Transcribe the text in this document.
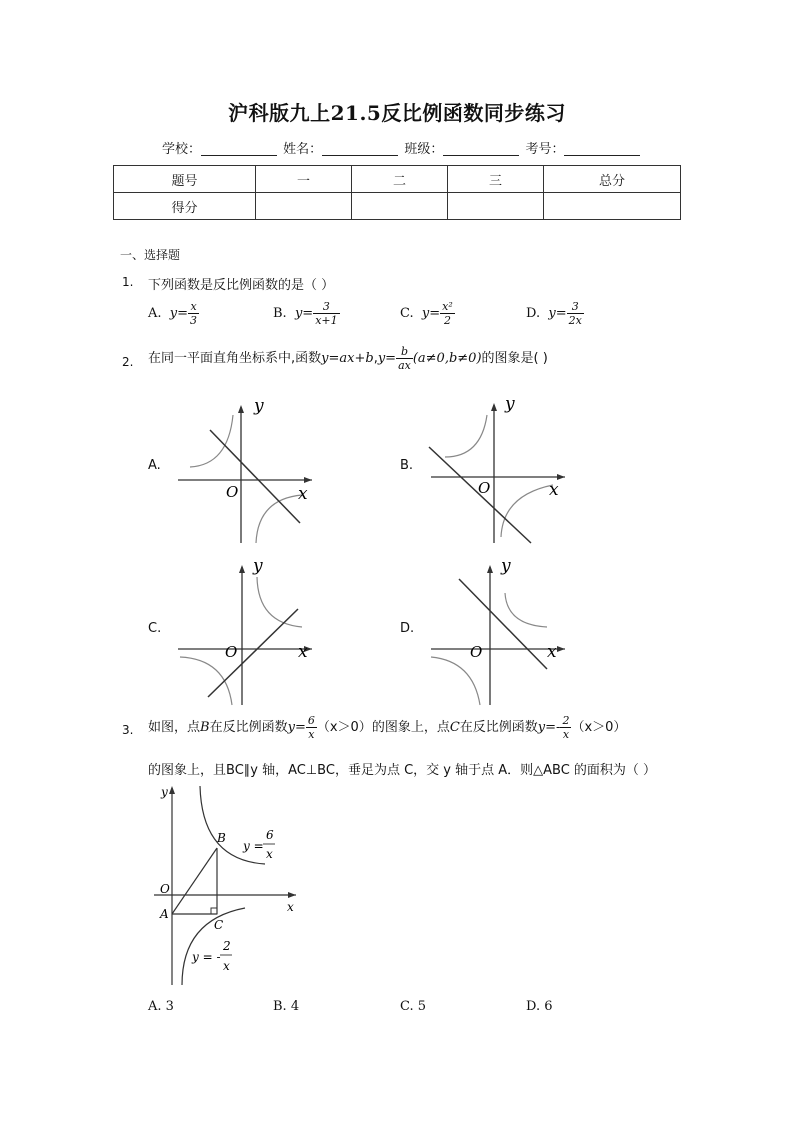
沪科版九上21.5反比例函数同步练习
学校：	姓名：	班级：	考号：
题号	一	二	三	总分
得分				
一、选择题
1. 下列函数是反比例函数的是（ ）
A. $y= \frac{x}{3}$	B. $y= \frac{3}{x+1}$	C. $y= \frac{\text{x²}}{2}$	D. $y= \frac{3}{2x}$
2. 在同一平面直角坐标系中,函数$y=ax+b,y= \frac{b}{ax} (a\ne 0,b\ne 0)$的图象是( )
A.	B.
C.	D.
y
x
O
y
x
O
y
x
O
y
x
O
3. 如图，点B在反比例函数$y= \frac{6}{x} (x>0)$的图象上，点C在反比例函数$y=- \frac{2}{x} (x>0)$
的图象上，且BC∥y 轴，AC⊥BC，垂足为点 C，交 y 轴于点 A．则△ABC 的面积为（ ）
y
x
O
A
B
C
y =
6
x
y = -
2
x
A. 3	B. 4	C. 5	D. 6
